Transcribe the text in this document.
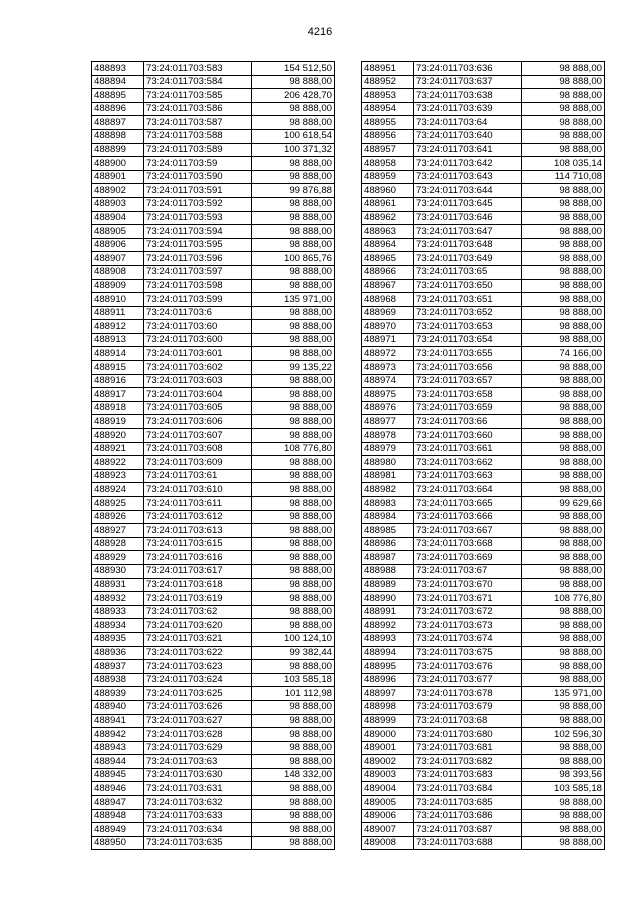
4216
488893	73:24:011703:583	154 512,50
488894	73:24:011703:584	98 888,00
488895	73:24:011703:585	206 428,70
488896	73:24:011703:586	98 888,00
488897	73:24:011703:587	98 888,00
488898	73:24:011703:588	100 618,54
488899	73:24:011703:589	100 371,32
488900	73:24:011703:59	98 888,00
488901	73:24:011703:590	98 888,00
488902	73:24:011703:591	99 876,88
488903	73:24:011703:592	98 888,00
488904	73:24:011703:593	98 888,00
488905	73:24:011703:594	98 888,00
488906	73:24:011703:595	98 888,00
488907	73:24:011703:596	100 865,76
488908	73:24:011703:597	98 888,00
488909	73:24:011703:598	98 888,00
488910	73:24:011703:599	135 971,00
488911	73:24:011703:6	98 888,00
488912	73:24:011703:60	98 888,00
488913	73:24:011703:600	98 888,00
488914	73:24:011703:601	98 888,00
488915	73:24:011703:602	99 135,22
488916	73:24:011703:603	98 888,00
488917	73:24:011703:604	98 888,00
488918	73:24:011703:605	98 888,00
488919	73:24:011703:606	98 888,00
488920	73:24:011703:607	98 888,00
488921	73:24:011703:608	108 776,80
488922	73:24:011703:609	98 888,00
488923	73:24:011703:61	98 888,00
488924	73:24:011703:610	98 888,00
488925	73:24:011703:611	98 888,00
488926	73:24:011703:612	98 888,00
488927	73:24:011703:613	98 888,00
488928	73:24:011703:615	98 888,00
488929	73:24:011703:616	98 888,00
488930	73:24:011703:617	98 888,00
488931	73:24:011703:618	98 888,00
488932	73:24:011703:619	98 888,00
488933	73:24:011703:62	98 888,00
488934	73:24:011703:620	98 888,00
488935	73:24:011703:621	100 124,10
488936	73:24:011703:622	99 382,44
488937	73:24:011703:623	98 888,00
488938	73:24:011703:624	103 585,18
488939	73:24:011703:625	101 112,98
488940	73:24:011703:626	98 888,00
488941	73:24:011703:627	98 888,00
488942	73:24:011703:628	98 888,00
488943	73:24:011703:629	98 888,00
488944	73:24:011703:63	98 888,00
488945	73:24:011703:630	148 332,00
488946	73:24:011703:631	98 888,00
488947	73:24:011703:632	98 888,00
488948	73:24:011703:633	98 888,00
488949	73:24:011703:634	98 888,00
488950	73:24:011703:635	98 888,00
488951	73:24:011703:636	98 888,00
488952	73:24:011703:637	98 888,00
488953	73:24:011703:638	98 888,00
488954	73:24:011703:639	98 888,00
488955	73:24:011703:64	98 888,00
488956	73:24:011703:640	98 888,00
488957	73:24:011703:641	98 888,00
488958	73:24:011703:642	108 035,14
488959	73:24:011703:643	114 710,08
488960	73:24:011703:644	98 888,00
488961	73:24:011703:645	98 888,00
488962	73:24:011703:646	98 888,00
488963	73:24:011703:647	98 888,00
488964	73:24:011703:648	98 888,00
488965	73:24:011703:649	98 888,00
488966	73:24:011703:65	98 888,00
488967	73:24:011703:650	98 888,00
488968	73:24:011703:651	98 888,00
488969	73:24:011703:652	98 888,00
488970	73:24:011703:653	98 888,00
488971	73:24:011703:654	98 888,00
488972	73:24:011703:655	74 166,00
488973	73:24:011703:656	98 888,00
488974	73:24:011703:657	98 888,00
488975	73:24:011703:658	98 888,00
488976	73:24:011703:659	98 888,00
488977	73:24:011703:66	98 888,00
488978	73:24:011703:660	98 888,00
488979	73:24:011703:661	98 888,00
488980	73:24:011703:662	98 888,00
488981	73:24:011703:663	98 888,00
488982	73:24:011703:664	98 888,00
488983	73:24:011703:665	99 629,66
488984	73:24:011703:666	98 888,00
488985	73:24:011703:667	98 888,00
488986	73:24:011703:668	98 888,00
488987	73:24:011703:669	98 888,00
488988	73:24:011703:67	98 888,00
488989	73:24:011703:670	98 888,00
488990	73:24:011703:671	108 776,80
488991	73:24:011703:672	98 888,00
488992	73:24:011703:673	98 888,00
488993	73:24:011703:674	98 888,00
488994	73:24:011703:675	98 888,00
488995	73:24:011703:676	98 888,00
488996	73:24:011703:677	98 888,00
488997	73:24:011703:678	135 971,00
488998	73:24:011703:679	98 888,00
488999	73:24:011703:68	98 888,00
489000	73:24:011703:680	102 596,30
489001	73:24:011703:681	98 888,00
489002	73:24:011703:682	98 888,00
489003	73:24:011703:683	98 393,56
489004	73:24:011703:684	103 585,18
489005	73:24:011703:685	98 888,00
489006	73:24:011703:686	98 888,00
489007	73:24:011703:687	98 888,00
489008	73:24:011703:688	98 888,00
